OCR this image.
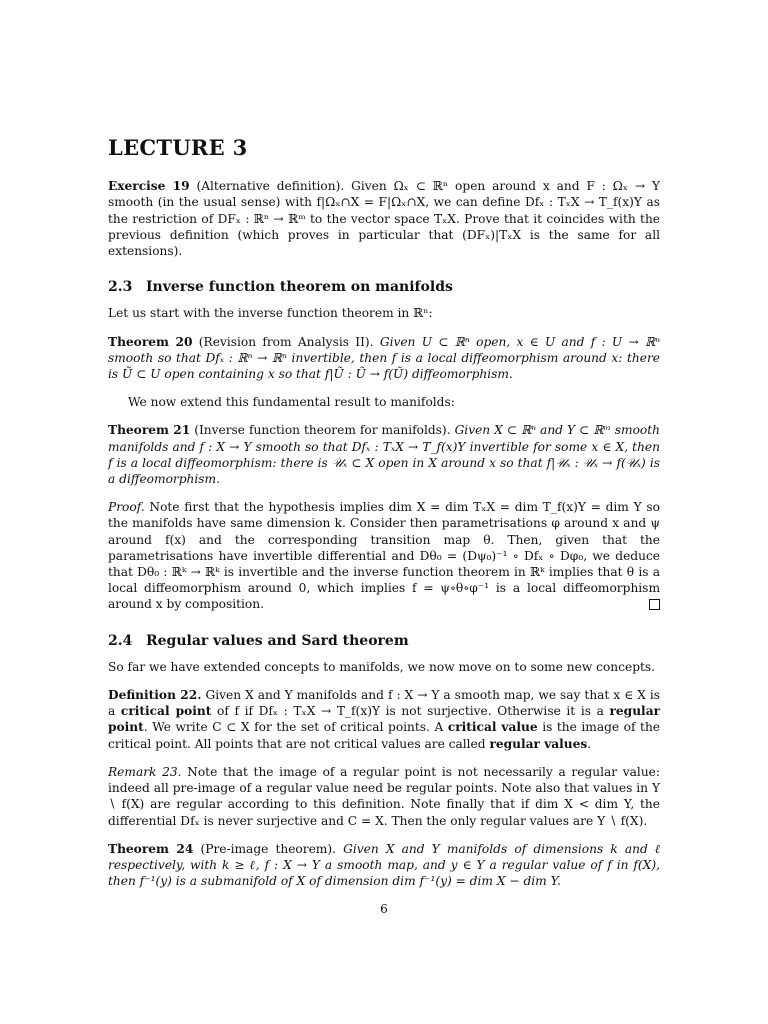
LECTURE 3

Exercise 19 (Alternative definition). Given Ωₓ ⊂ ℝⁿ open around x and F : Ωₓ → Y smooth (in the usual sense) with f|Ωₓ∩X = F|Ωₓ∩X, we can define Dfₓ : TₓX → T_f(x)Y as the restriction of DFₓ : ℝⁿ → ℝᵐ to the vector space TₓX. Prove that it coincides with the previous definition (which proves in particular that (DFₓ)|TₓX is the same for all extensions).

2.3 Inverse function theorem on manifolds

Let us start with the inverse function theorem in ℝⁿ:

Theorem 20 (Revision from Analysis II). Given U ⊂ ℝⁿ open, x ∈ U and f : U → ℝⁿ smooth so that Dfₓ : ℝⁿ → ℝⁿ invertible, then f is a local diffeomorphism around x: there is Ũ ⊂ U open containing x so that f|Ũ : Ũ → f(Ũ) diffeomorphism.

We now extend this fundamental result to manifolds:

Theorem 21 (Inverse function theorem for manifolds). Given X ⊂ ℝⁿ and Y ⊂ ℝᵐ smooth manifolds and f : X → Y smooth so that Dfₓ : TₓX → T_f(x)Y invertible for some x ∈ X, then f is a local diffeomorphism: there is 𝒰ₓ ⊂ X open in X around x so that f|𝒰ₓ : 𝒰ₓ → f(𝒰ₓ) is a diffeomorphism.

Proof. Note first that the hypothesis implies dim X = dim TₓX = dim T_f(x)Y = dim Y so the manifolds have same dimension k. Consider then parametrisations φ around x and ψ around f(x) and the corresponding transition map θ. Then, given that the parametrisations have invertible differential and Dθ₀ = (Dψ₀)⁻¹ ∘ Dfₓ ∘ Dφ₀, we deduce that Dθ₀ : ℝᵏ → ℝᵏ is invertible and the inverse function theorem in ℝᵏ implies that θ is a local diffeomorphism around 0, which implies f = ψ∘θ∘φ⁻¹ is a local diffeomorphism around x by composition.

2.4 Regular values and Sard theorem

So far we have extended concepts to manifolds, we now move on to some new concepts.

Definition 22. Given X and Y manifolds and f : X → Y a smooth map, we say that x ∈ X is a critical point of f if Dfₓ : TₓX → T_f(x)Y is not surjective. Otherwise it is a regular point. We write C ⊂ X for the set of critical points. A critical value is the image of the critical point. All points that are not critical values are called regular values.

Remark 23. Note that the image of a regular point is not necessarily a regular value: indeed all pre-image of a regular value need be regular points. Note also that values in Y ∖ f(X) are regular according to this definition. Note finally that if dim X < dim Y, the differential Dfₓ is never surjective and C = X. Then the only regular values are Y ∖ f(X).

Theorem 24 (Pre-image theorem). Given X and Y manifolds of dimensions k and ℓ respectively, with k ≥ ℓ, f : X → Y a smooth map, and y ∈ Y a regular value of f in f(X), then f⁻¹(y) is a submanifold of X of dimension dim f⁻¹(y) = dim X − dim Y.

6
